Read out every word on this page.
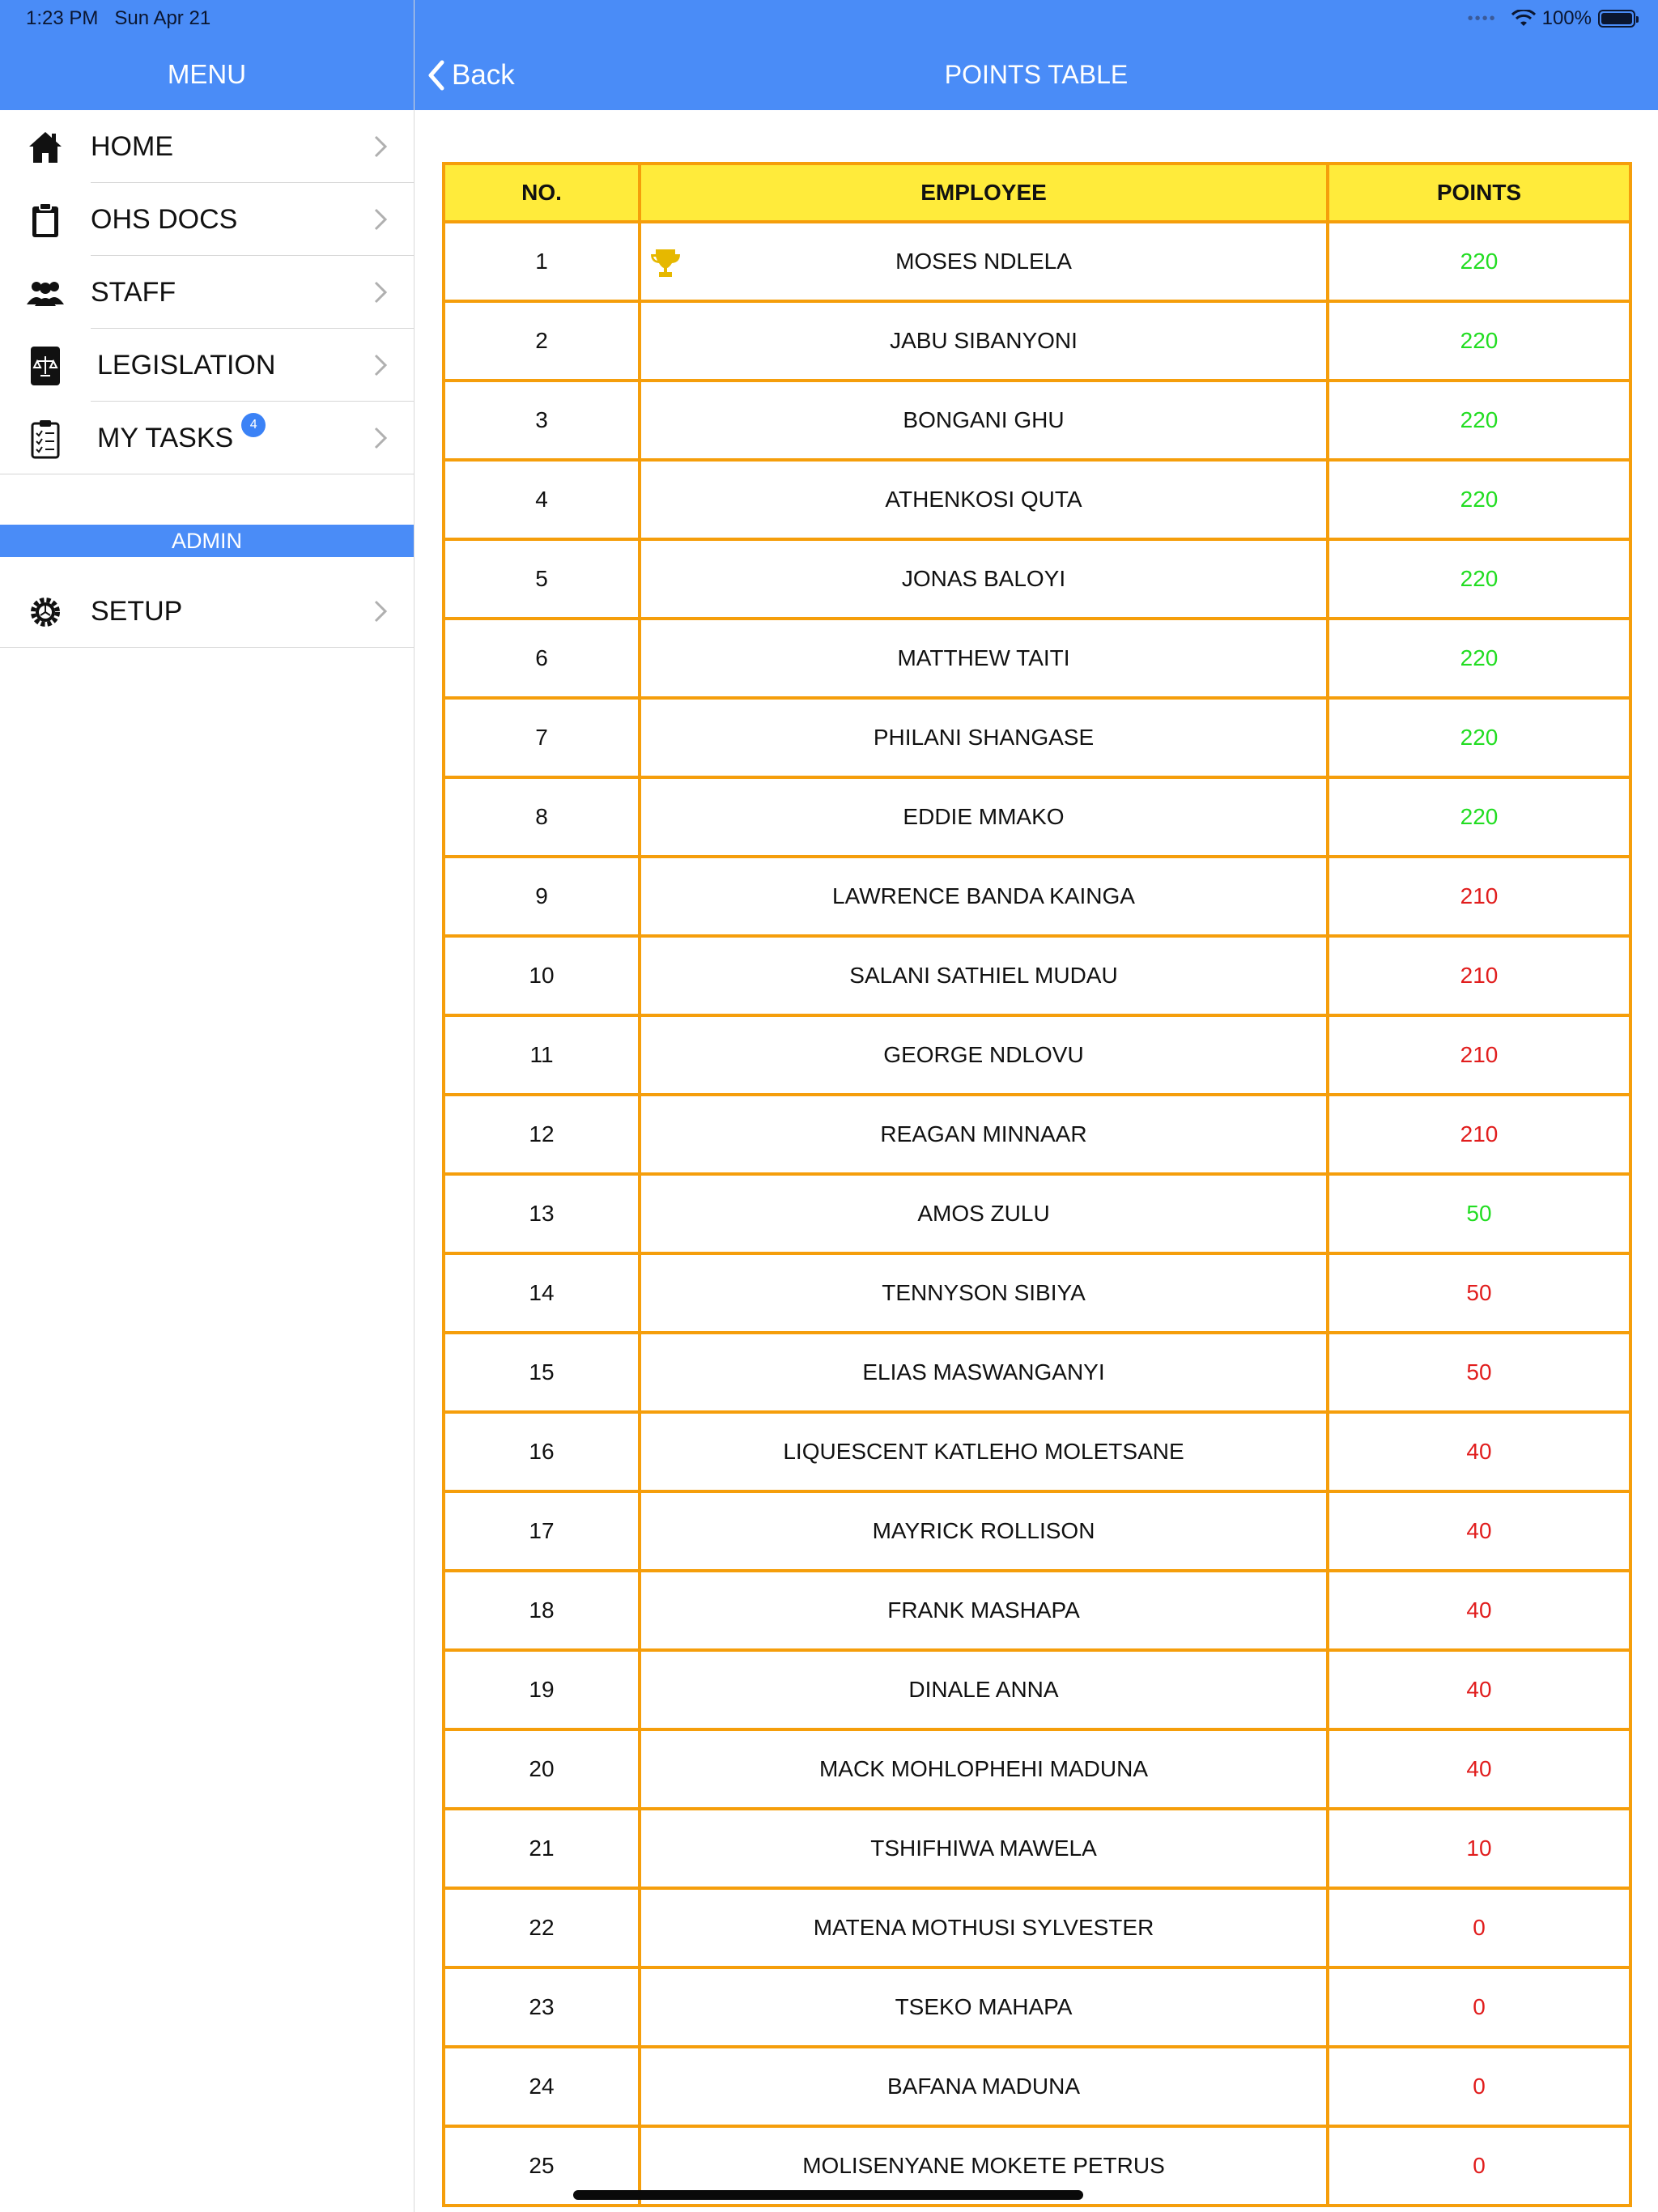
1:23 PM Sun Apr 21	•••• 100%
MENU	Back	POINTS TABLE
HOME
OHS DOCS
STAFF
LEGISLATION
MY TASKS 4
ADMIN
SETUP
NO.	EMPLOYEE	POINTS
1	MOSES NDLELA	220
2	JABU SIBANYONI	220
3	BONGANI GHU	220
4	ATHENKOSI QUTA	220
5	JONAS BALOYI	220
6	MATTHEW TAITI	220
7	PHILANI SHANGASE	220
8	EDDIE MMAKO	220
9	LAWRENCE BANDA KAINGA	210
10	SALANI SATHIEL MUDAU	210
11	GEORGE NDLOVU	210
12	REAGAN MINNAAR	210
13	AMOS ZULU	50
14	TENNYSON SIBIYA	50
15	ELIAS MASWANGANYI	50
16	LIQUESCENT KATLEHO MOLETSANE	40
17	MAYRICK ROLLISON	40
18	FRANK MASHAPA	40
19	DINALE ANNA	40
20	MACK MOHLOPHEHI MADUNA	40
21	TSHIFHIWA MAWELA	10
22	MATENA MOTHUSI SYLVESTER	0
23	TSEKO MAHAPA	0
24	BAFANA MADUNA	0
25	MOLISENYANE MOKETE PETRUS	0
